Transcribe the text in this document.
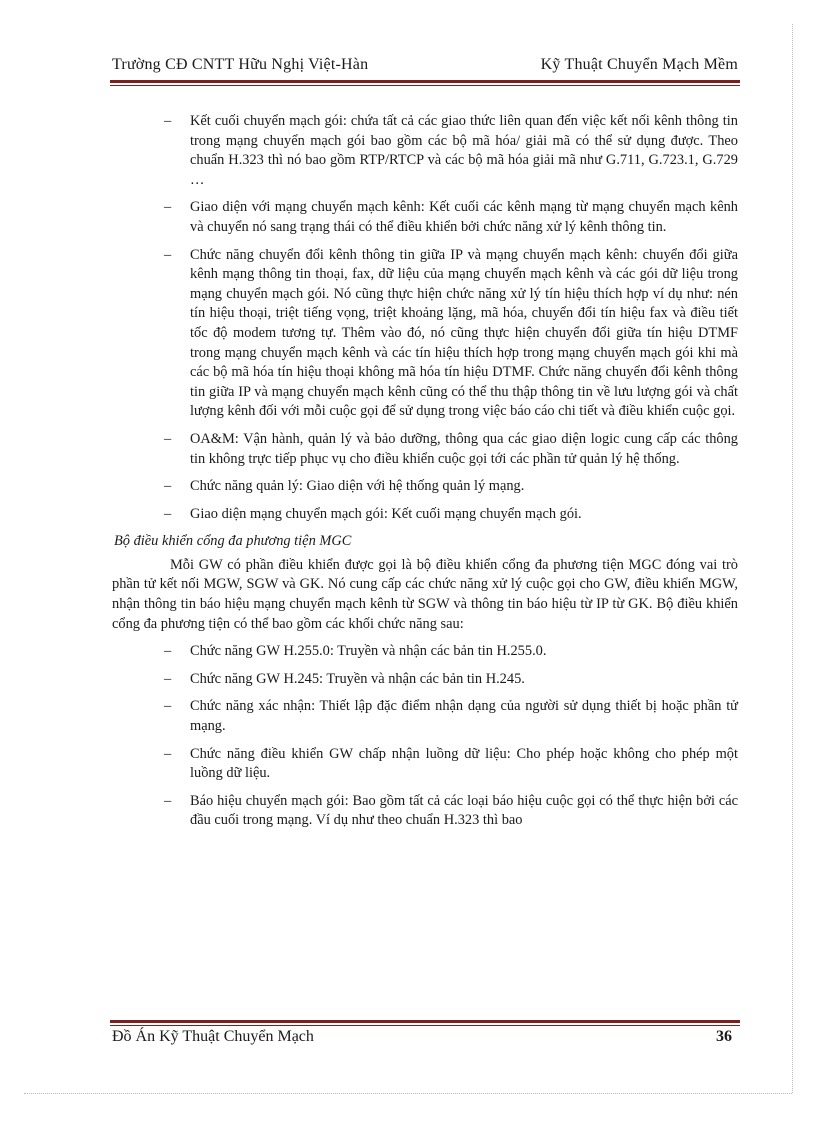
Trường CĐ CNTT Hữu Nghị Việt-Hàn	Kỹ Thuật Chuyển Mạch Mềm
– Kết cuối chuyển mạch gói: chứa tất cả các giao thức liên quan đến việc kết nối kênh thông tin trong mạng chuyển mạch gói bao gồm các bộ mã hóa/ giải mã có thể sử dụng được. Theo chuẩn H.323 thì nó bao gồm RTP/RTCP và các bộ mã hóa giải mã như G.711, G.723.1, G.729 …
– Giao diện với mạng chuyển mạch kênh: Kết cuối các kênh mạng từ mạng chuyển mạch kênh và chuyển nó sang trạng thái có thể điều khiển bởi chức năng xử lý kênh thông tin.
– Chức năng chuyển đổi kênh thông tin giữa IP và mạng chuyển mạch kênh: chuyển đổi giữa kênh mạng thông tin thoại, fax, dữ liệu của mạng chuyển mạch kênh và các gói dữ liệu trong mạng chuyển mạch gói. Nó cũng thực hiện chức năng xử lý tín hiệu thích hợp ví dụ như: nén tín hiệu thoại, triệt tiếng vọng, triệt khoảng lặng, mã hóa, chuyển đổi tín hiệu fax và điều tiết tốc độ modem tương tự. Thêm vào đó, nó cũng thực hiện chuyển đổi giữa tín hiệu DTMF trong mạng chuyển mạch kênh và các tín hiệu thích hợp trong mạng chuyển mạch gói khi mà các bộ mã hóa tín hiệu thoại không mã hóa tín hiệu DTMF. Chức năng chuyển đổi kênh thông tin giữa IP và mạng chuyển mạch kênh cũng có thể thu thập thông tin về lưu lượng gói và chất lượng kênh đối với mỗi cuộc gọi để sử dụng trong việc báo cáo chi tiết và điều khiển cuộc gọi.
– OA&M: Vận hành, quản lý và bảo dưỡng, thông qua các giao diện logic cung cấp các thông tin không trực tiếp phục vụ cho điều khiển cuộc gọi tới các phần tử quản lý hệ thống.
– Chức năng quản lý: Giao diện với hệ thống quản lý mạng.
– Giao diện mạng chuyển mạch gói: Kết cuối mạng chuyển mạch gói.
Bộ điều khiển cổng đa phương tiện MGC

Mỗi GW có phần điều khiển được gọi là bộ điều khiển cổng đa phương tiện MGC đóng vai trò phần tử kết nối MGW, SGW và GK. Nó cung cấp các chức năng xử lý cuộc gọi cho GW, điều khiển MGW, nhận thông tin báo hiệu mạng chuyển mạch kênh từ SGW và thông tin báo hiệu từ IP từ GK. Bộ điều khiển cổng đa phương tiện có thể bao gồm các khối chức năng sau:

– Chức năng GW H.255.0: Truyền và nhận các bản tin H.255.0.
– Chức năng GW H.245: Truyền và nhận các bản tin H.245.
– Chức năng xác nhận: Thiết lập đặc điểm nhận dạng của người sử dụng thiết bị hoặc phần tử mạng.
– Chức năng điều khiển GW chấp nhận luồng dữ liệu: Cho phép hoặc không cho phép một luồng dữ liệu.
– Báo hiệu chuyển mạch gói: Bao gồm tất cả các loại báo hiệu cuộc gọi có thể thực hiện bởi các đầu cuối trong mạng. Ví dụ như theo chuẩn H.323 thì bao
Đồ Án Kỹ Thuật Chuyển Mạch	36
